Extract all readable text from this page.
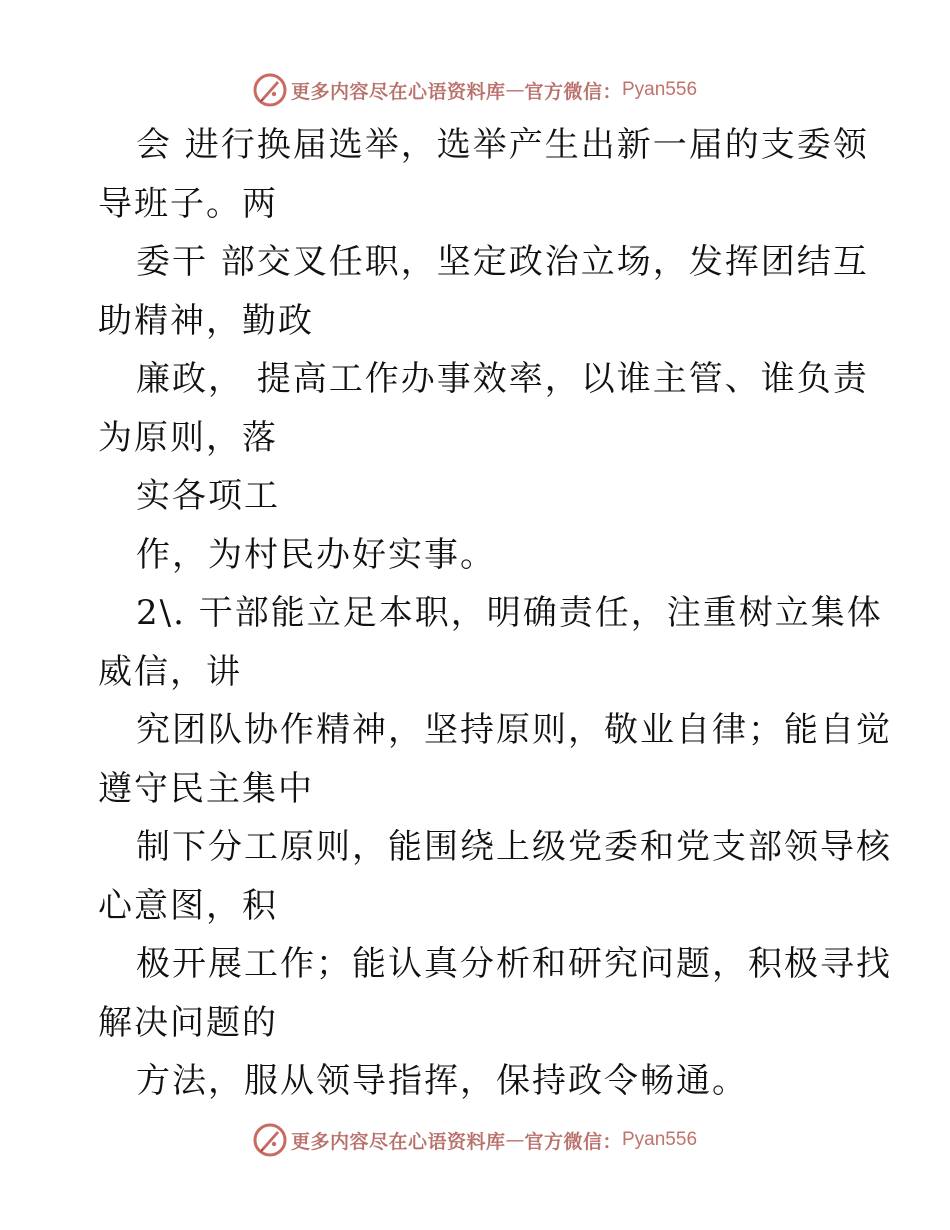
更多内容尽在心语资料库 — 官方微信： Pyan556
会 进行换届选举，选举产生出新一届的支委领
导班子。两
委干 部交叉任职，坚定政治立场，发挥团结互
助精神，勤政
廉政， 提高工作办事效率，以谁主管、谁负责
为原则，落
实各项工
作，为村民办好实事。
2\. 干部能立足本职，明确责任，注重树立集体
威信，讲
究团队协作精神，坚持原则，敬业自律；能自觉
遵守民主集中
制下分工原则，能围绕上级党委和党支部领导核
心意图，积
极开展工作；能认真分析和研究问题，积极寻找
解决问题的
方法，服从领导指挥，保持政令畅通。
更多内容尽在心语资料库 — 官方微信： Pyan556
